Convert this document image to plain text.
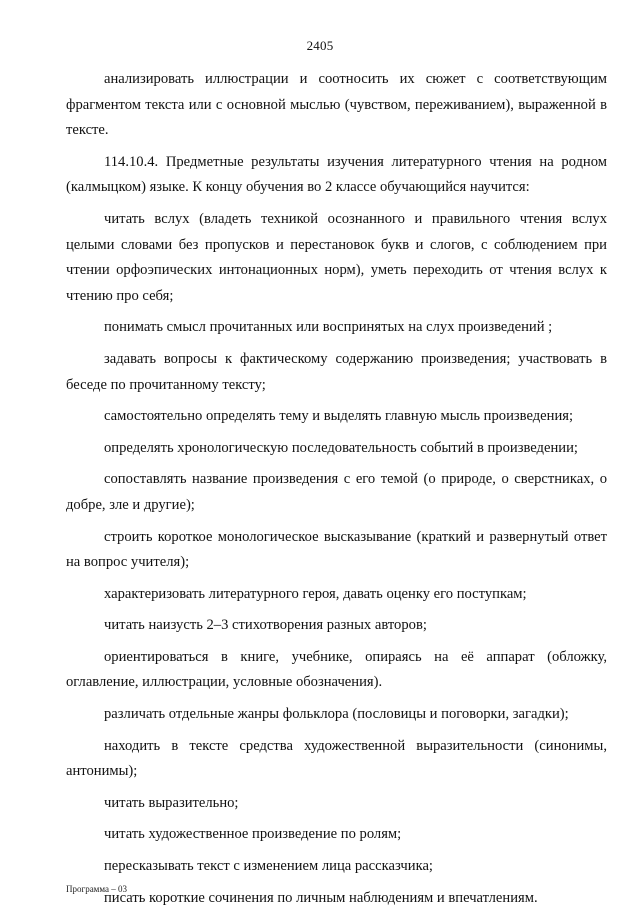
2405

анализировать иллюстрации и соотносить их сюжет с соответствующим фрагментом текста или с основной мыслью (чувством, переживанием), выраженной в тексте.

114.10.4. Предметные результаты изучения литературного чтения на родном (калмыцком) языке. К концу обучения во 2 классе обучающийся научится:

читать вслух (владеть техникой осознанного и правильного чтения вслух целыми словами без пропусков и перестановок букв и слогов, с соблюдением при чтении орфоэпических интонационных норм), уметь переходить от чтения вслух к чтению про себя;

понимать смысл прочитанных или воспринятых на слух произведений ;

задавать вопросы к фактическому содержанию произведения; участвовать в беседе по прочитанному тексту;

самостоятельно определять тему и выделять главную мысль произведения;

определять хронологическую последовательность событий в произведении;

сопоставлять название произведения с его темой (о природе, о сверстниках, о добре, зле и другие);

строить короткое монологическое высказывание (краткий и развернутый ответ на вопрос учителя);

характеризовать литературного героя, давать оценку его поступкам;

читать наизусть 2–3 стихотворения разных авторов;

ориентироваться в книге, учебнике, опираясь на её аппарат (обложку, оглавление, иллюстрации, условные обозначения).

различать отдельные жанры фольклора (пословицы и поговорки, загадки);

находить в тексте средства художественной выразительности (синонимы, антонимы);

читать выразительно;

читать художественное произведение по ролям;

пересказывать текст с изменением лица рассказчика;

писать короткие сочинения по личным наблюдениям и впечатлениям.

Программа – 03
